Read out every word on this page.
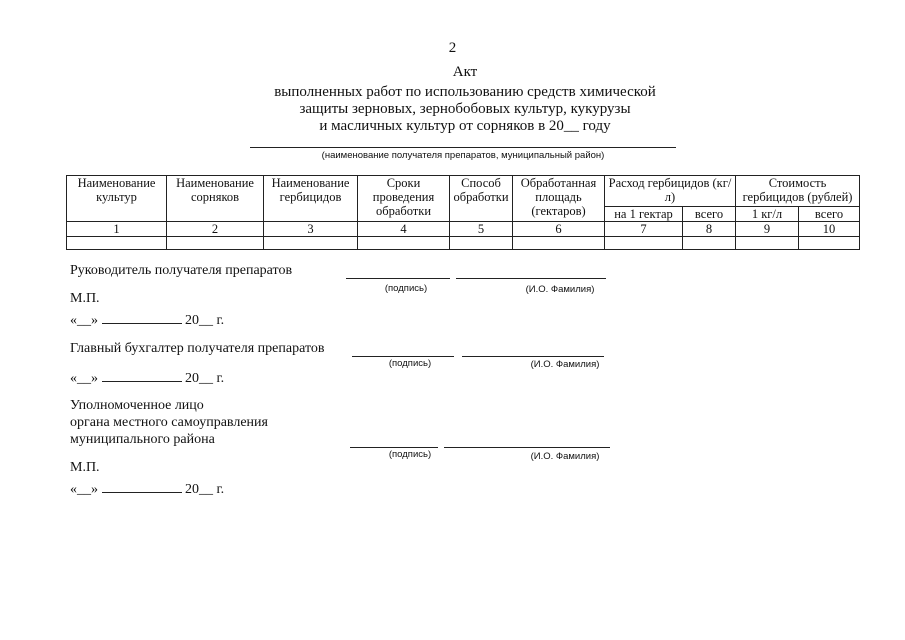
2
Акт
выполненных работ по использованию средств химической
защиты зерновых, зернобобовых культур, кукурузы
и масличных культур от сорняков в 20__ году
(наименование получателя препаратов, муниципальный район)
Наименование культур	Наименование сорняков	Наименование гербицидов	Сроки проведения обработки	Способ обработки	Обработанная площадь (гектаров)	Расход гербицидов (кг/л)		Стоимость гербицидов (рублей)	
						на 1 гектар	всего	1 кг/л	всего
1	2	3	4	5	6	7	8	9	10

Руководитель получателя препаратов
(подпись)	(И.О. Фамилия)
М.П.
«__»	20__ г.
Главный бухгалтер получателя препаратов
(подпись)	(И.О. Фамилия)
«__»	20__ г.
Уполномоченное лицо
органа местного самоуправления
муниципального района
(подпись)	(И.О. Фамилия)
М.П.
«__»	20__ г.
